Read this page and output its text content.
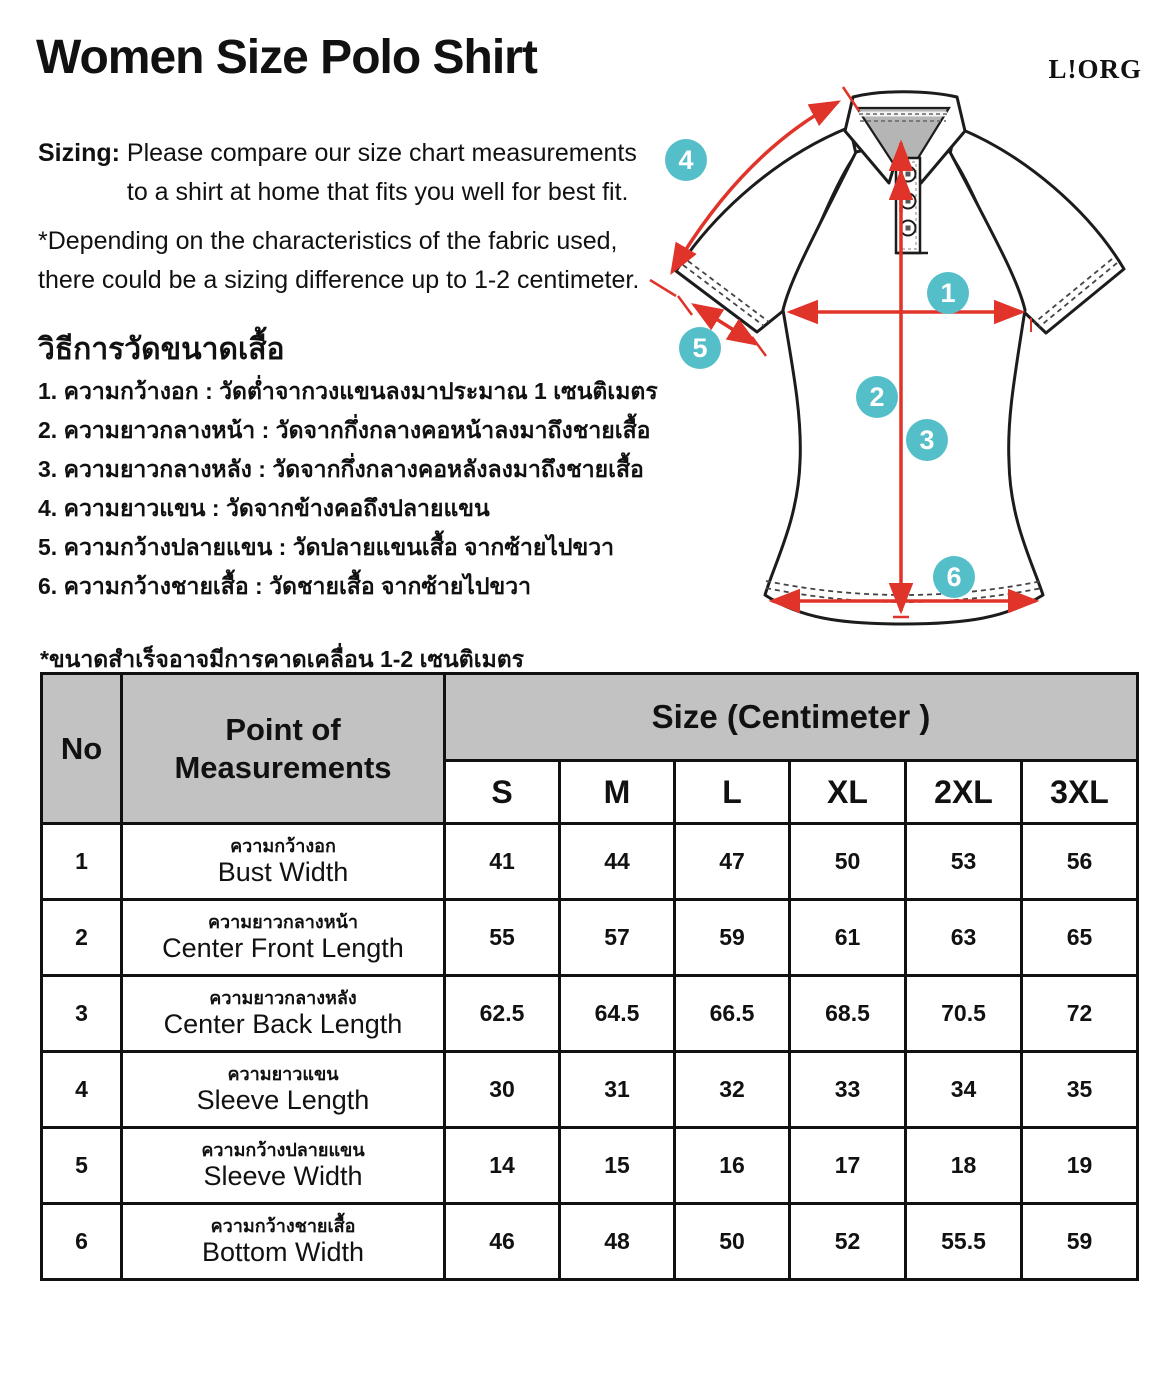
Women Size Polo Shirt	L!ORG
Sizing: Please compare our size chart measurements
to a shirt at home that fits you well for best fit.
*Depending on the characteristics of the fabric used,
there could be a sizing difference up to 1-2 centimeter.
วิธีการวัดขนาดเสื้อ
1. ความกว้างอก : วัดต่ำจากวงแขนลงมาประมาณ 1 เซนติเมตร
2. ความยาวกลางหน้า : วัดจากกึ่งกลางคอหน้าลงมาถึงชายเสื้อ
3. ความยาวกลางหลัง : วัดจากกึ่งกลางคอหลังลงมาถึงชายเสื้อ
4. ความยาวแขน : วัดจากข้างคอถึงปลายแขน
5. ความกว้างปลายแขน : วัดปลายแขนเสื้อ จากซ้ายไปขวา
6. ความกว้างชายเสื้อ : วัดชายเสื้อ จากซ้ายไปขวา
1
2
3
4
5
6
*ขนาดสำเร็จอาจมีการคาดเคลื่อน 1-2 เซนติเมตร
No	Point of Measurements	Size (Centimeter )					
		S	M	L	XL	2XL	3XL
1	ความกว้างอก
Bust Width	41	44	47	50	53	56
2	ความยาวกลางหน้า
Center Front Length	55	57	59	61	63	65
3	ความยาวกลางหลัง
Center Back Length	62.5	64.5	66.5	68.5	70.5	72
4	ความยาวแขน
Sleeve Length	30	31	32	33	34	35
5	ความกว้างปลายแขน
Sleeve Width	14	15	16	17	18	19
6	ความกว้างชายเสื้อ
Bottom Width	46	48	50	52	55.5	59
